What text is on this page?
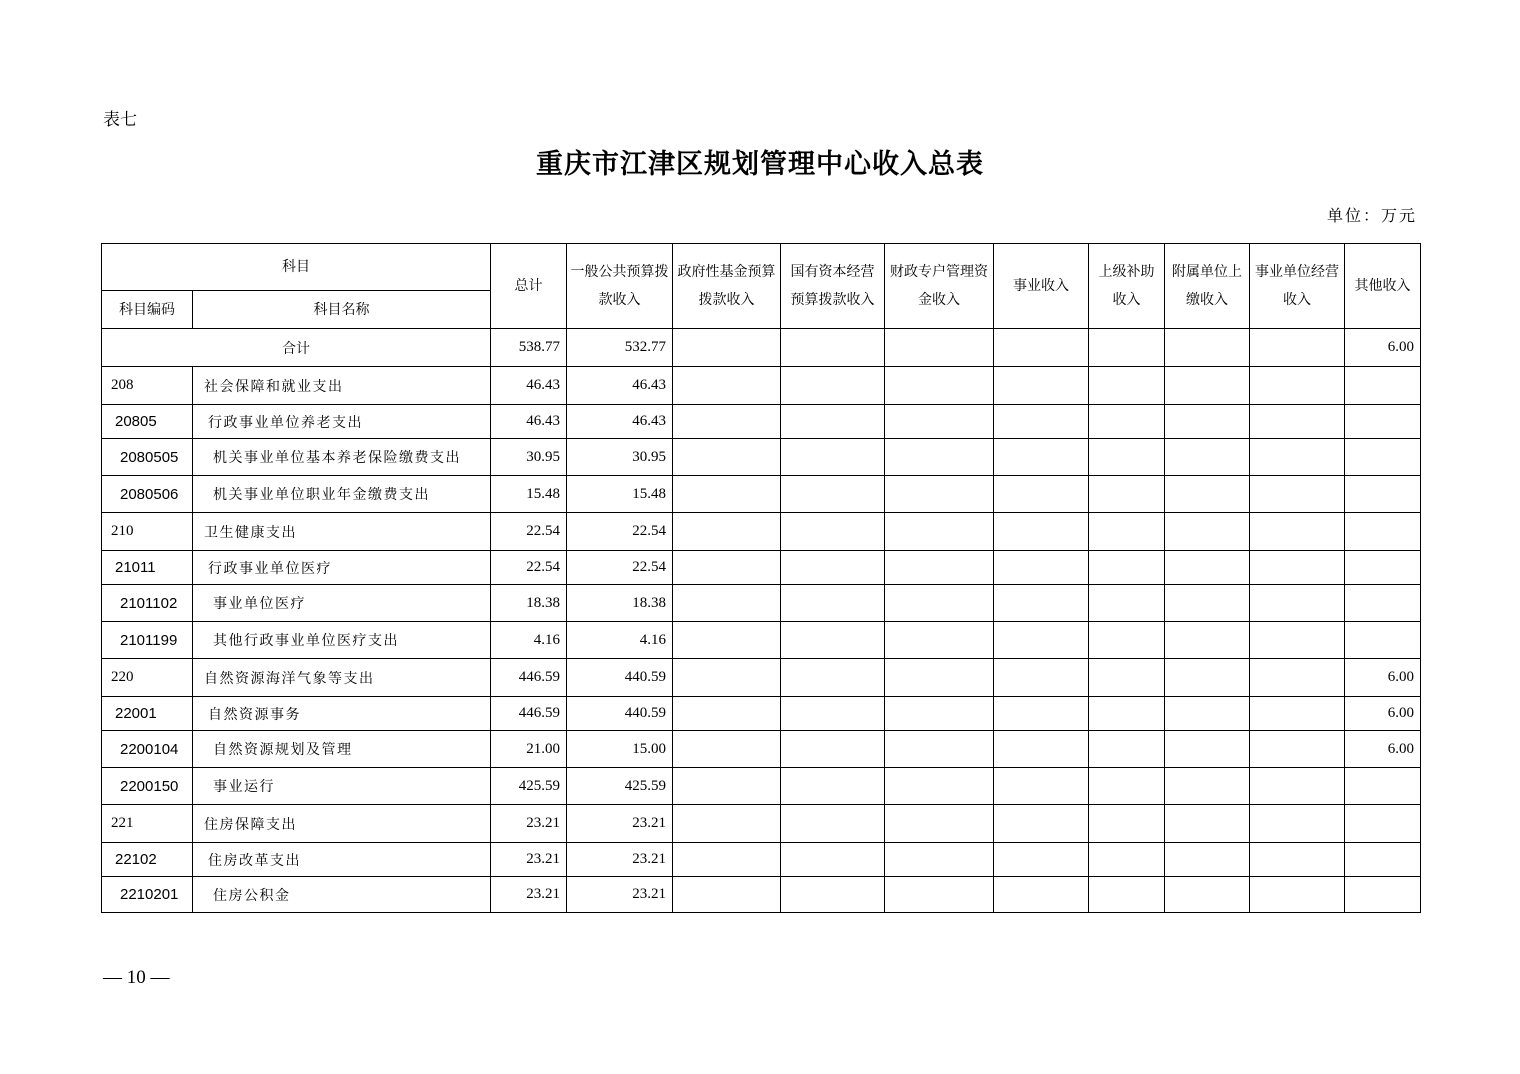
表七
重庆市江津区规划管理中心收入总表
单位：万元
科目		总计	一般公共预算拨款收入	政府性基金预算拨款收入	国有资本经营预算拨款收入	财政专户管理资金收入	事业收入	上级补助收入	附属单位上缴收入	事业单位经营收入	其他收入
科目编码	科目名称										
合计		538.77	532.77								6.00
208	社会保障和就业支出	46.43	46.43								
20805	行政事业单位养老支出	46.43	46.43								
2080505	机关事业单位基本养老保险缴费支出	30.95	30.95								
2080506	机关事业单位职业年金缴费支出	15.48	15.48								
210	卫生健康支出	22.54	22.54								
21011	行政事业单位医疗	22.54	22.54								
2101102	事业单位医疗	18.38	18.38								
2101199	其他行政事业单位医疗支出	4.16	4.16								
220	自然资源海洋气象等支出	446.59	440.59								6.00
22001	自然资源事务	446.59	440.59								6.00
2200104	自然资源规划及管理	21.00	15.00								6.00
2200150	事业运行	425.59	425.59								
221	住房保障支出	23.21	23.21								
22102	住房改革支出	23.21	23.21								
2210201	住房公积金	23.21	23.21								
— 10 —
